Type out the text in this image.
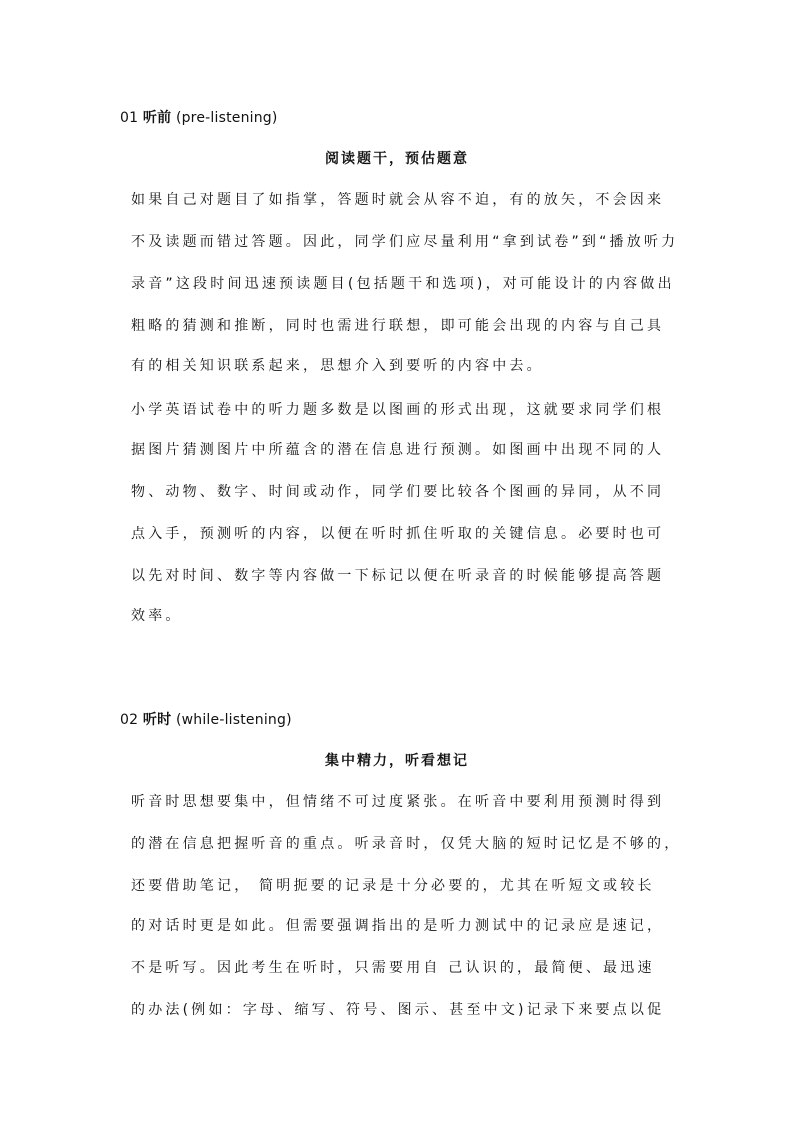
01 听前 (pre-listening)
阅读题干，预估题意
如果自己对题目了如指掌，答题时就会从容不迫，有的放矢，不会因来
不及读题而错过答题。因此，同学们应尽量利用“拿到试卷”到“播放听力
录音”这段时间迅速预读题目(包括题干和选项)，对可能设计的内容做出
粗略的猜测和推断，同时也需进行联想，即可能会出现的内容与自己具
有的相关知识联系起来，思想介入到要听的内容中去。
小学英语试卷中的听力题多数是以图画的形式出现，这就要求同学们根
据图片猜测图片中所蕴含的潜在信息进行预测。如图画中出现不同的人
物、动物、数字、时间或动作，同学们要比较各个图画的异同，从不同
点入手，预测听的内容，以便在听时抓住听取的关键信息。必要时也可
以先对时间、数字等内容做一下标记以便在听录音的时候能够提高答题
效率。
02 听时 (while-listening)
集中精力，听看想记
听音时思想要集中，但情绪不可过度紧张。在听音中要利用预测时得到
的潜在信息把握听音的重点。听录音时，仅凭大脑的短时记忆是不够的，
还要借助笔记， 简明扼要的记录是十分必要的，尤其在听短文或较长
的对话时更是如此。但需要强调指出的是听力测试中的记录应是速记，
不是听写。因此考生在听时，只需要用自 己认识的，最简便、最迅速
的办法(例如：字母、缩写、符号、图示、甚至中文)记录下来要点以促
